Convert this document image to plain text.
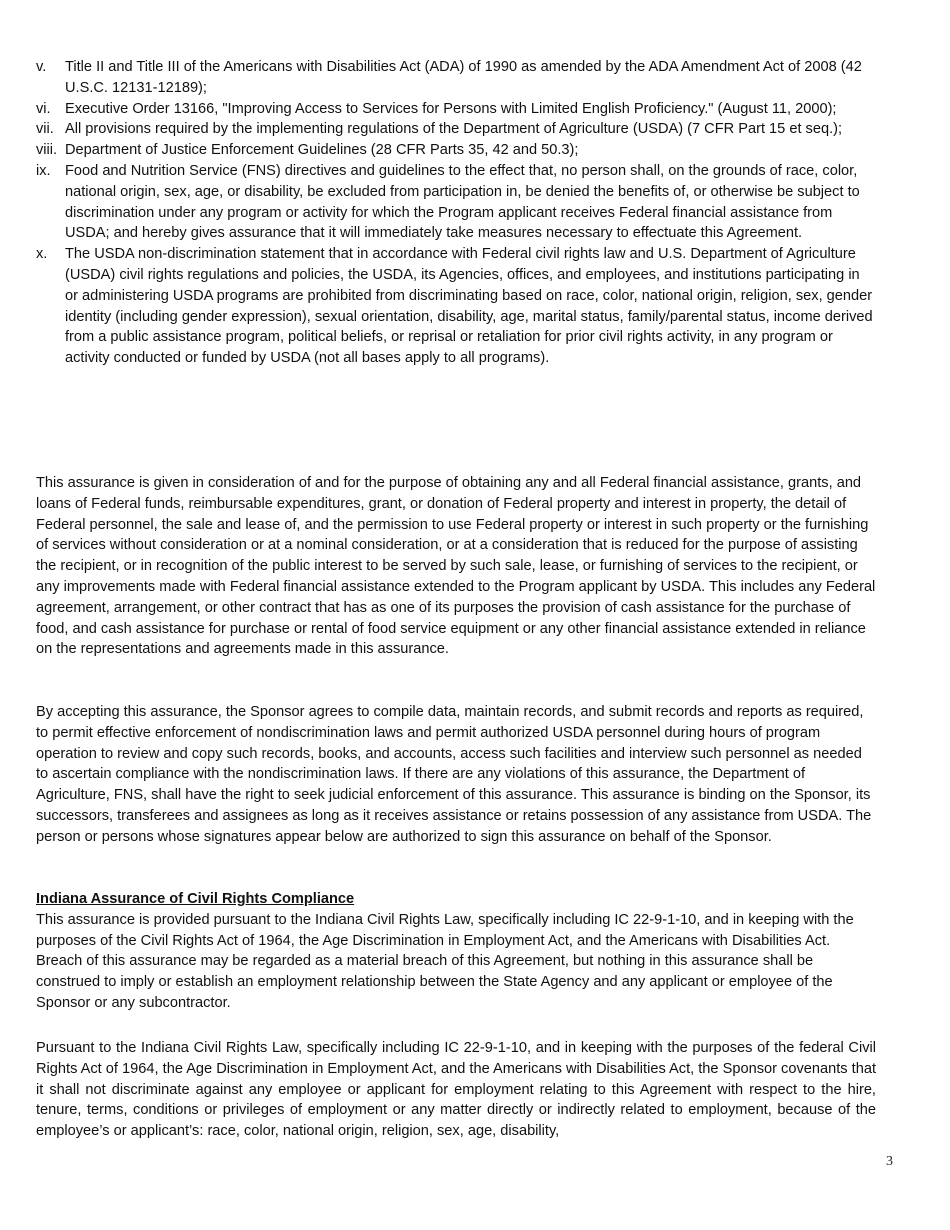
v.	Title II and Title III of the Americans with Disabilities Act (ADA) of 1990 as amended by the ADA Amendment Act of 2008 (42 U.S.C. 12131-12189);
vi. Executive Order 13166, "Improving Access to Services for Persons with Limited English Proficiency." (August 11, 2000);
vii. All provisions required by the implementing regulations of the Department of Agriculture (USDA) (7 CFR Part 15 et seq.);
viii. Department of Justice Enforcement Guidelines (28 CFR Parts 35, 42 and 50.3);
ix. Food and Nutrition Service (FNS) directives and guidelines to the effect that, no person shall, on the grounds of race, color, national origin, sex, age, or disability, be excluded from participation in, be denied the benefits of, or otherwise be subject to discrimination under any program or activity for which the Program applicant receives Federal financial assistance from USDA; and hereby gives assurance that it will immediately take measures necessary to effectuate this Agreement.
x.	The USDA non-discrimination statement that in accordance with Federal civil rights law and U.S. Department of Agriculture (USDA) civil rights regulations and policies, the USDA, its Agencies, offices, and employees, and institutions participating in or administering USDA programs are prohibited from discriminating based on race, color, national origin, religion, sex, gender identity (including gender expression), sexual orientation, disability, age, marital status, family/parental status, income derived from a public assistance program, political beliefs, or reprisal or retaliation for prior civil rights activity, in any program or activity conducted or funded by USDA (not all bases apply to all programs).

This assurance is given in consideration of and for the purpose of obtaining any and all Federal financial assistance, grants, and loans of Federal funds, reimbursable expenditures, grant, or donation of Federal property and interest in property, the detail of Federal personnel, the sale and lease of, and the permission to use Federal property or interest in such property or the furnishing of services without consideration or at a nominal consideration, or at a consideration that is reduced for the purpose of assisting the recipient, or in recognition of the public interest to be served by such sale, lease, or furnishing of services to the recipient, or any improvements made with Federal financial assistance extended to the Program applicant by USDA. This includes any Federal agreement, arrangement, or other contract that has as one of its purposes the provision of cash assistance for the purchase of food, and cash assistance for purchase or rental of food service equipment or any other financial assistance extended in reliance on the representations and agreements made in this assurance.

By accepting this assurance, the Sponsor agrees to compile data, maintain records, and submit records and reports as required, to permit effective enforcement of nondiscrimination laws and permit authorized USDA personnel during hours of program operation to review and copy such records, books, and accounts, access such facilities and interview such personnel as needed to ascertain compliance with the nondiscrimination laws. If there are any violations of this assurance, the Department of Agriculture, FNS, shall have the right to seek judicial enforcement of this assurance. This assurance is binding on the Sponsor, its successors, transferees and assignees as long as it receives assistance or retains possession of any assistance from USDA. The person or persons whose signatures appear below are authorized to sign this assurance on behalf of the Sponsor.

Indiana Assurance of Civil Rights Compliance
This assurance is provided pursuant to the Indiana Civil Rights Law, specifically including IC 22-9-1-10, and in keeping with the purposes of the Civil Rights Act of 1964, the Age Discrimination in Employment Act, and the Americans with Disabilities Act. Breach of this assurance may be regarded as a material breach of this Agreement, but nothing in this assurance shall be construed to imply or establish an employment relationship between the State Agency and any applicant or employee of the Sponsor or any subcontractor.

Pursuant to the Indiana Civil Rights Law, specifically including IC 22-9-1-10, and in keeping with the purposes of the federal Civil Rights Act of 1964, the Age Discrimination in Employment Act, and the Americans with Disabilities Act, the Sponsor covenants that it shall not discriminate against any employee or applicant for employment relating to this Agreement with respect to the hire, tenure, terms, conditions or privileges of employment or any matter directly or indirectly related to employment, because of the employee’s or applicant’s: race, color, national origin, religion, sex, age, disability,

3
